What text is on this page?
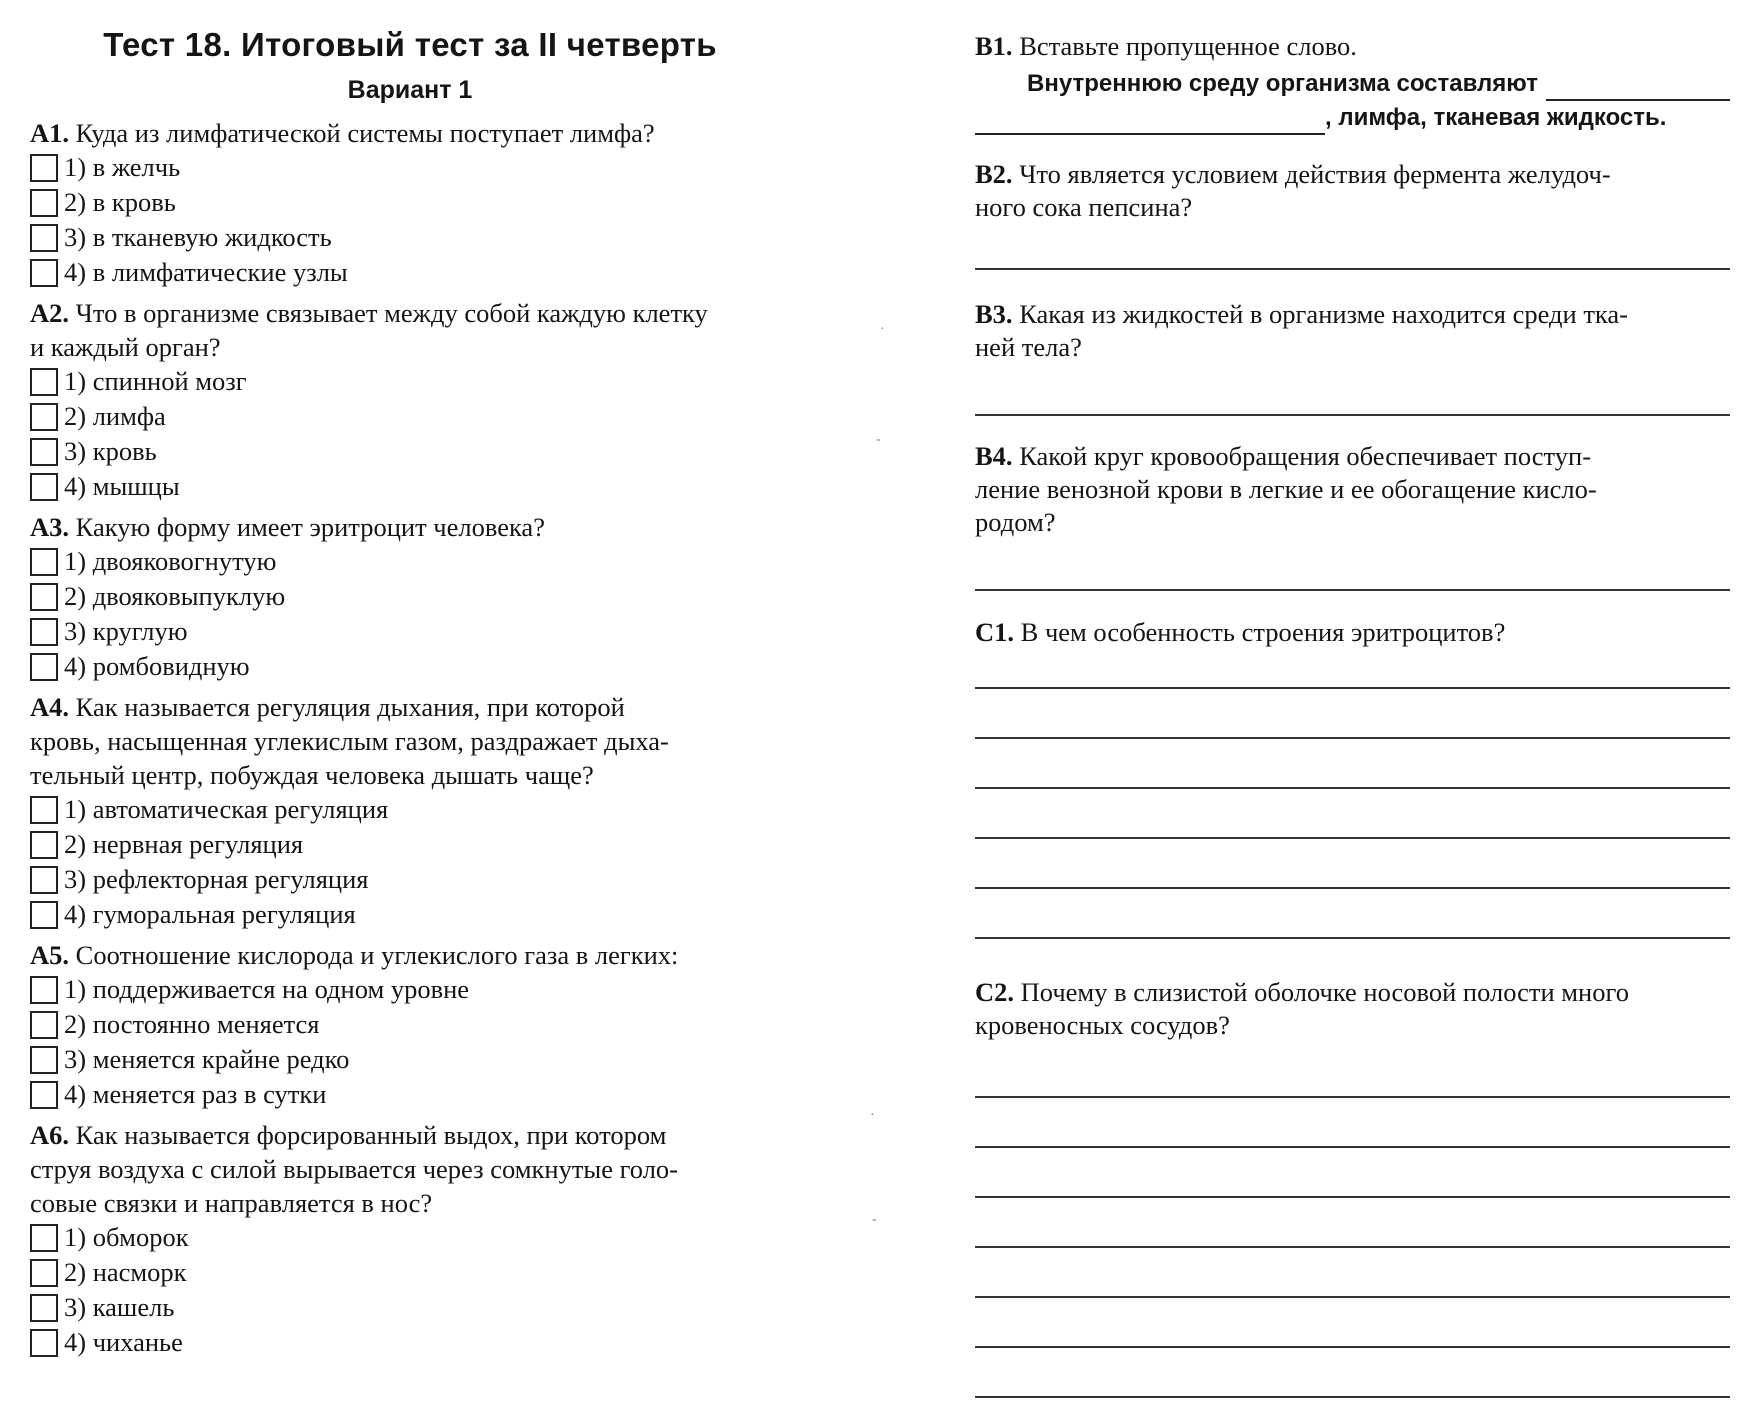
Тест 18. Итоговый тест за II четверть
Вариант 1
А1. Куда из лимфатической системы поступает лимфа?
1) в желчь
2) в кровь
3) в тканевую жидкость
4) в лимфатические узлы
А2. Что в организме связывает между собой каждую клетку
и каждый орган?
1) спинной мозг
2) лимфа
3) кровь
4) мышцы
А3. Какую форму имеет эритроцит человека?
1) двояковогнутую
2) двояковыпуклую
3) круглую
4) ромбовидную
А4. Как называется регуляция дыхания, при которой
кровь, насыщенная углекислым газом, раздражает дыха-
тельный центр, побуждая человека дышать чаще?
1) автоматическая регуляция
2) нервная регуляция
3) рефлекторная регуляция
4) гуморальная регуляция
А5. Соотношение кислорода и углекислого газа в легких:
1) поддерживается на одном уровне
2) постоянно меняется
3) меняется крайне редко
4) меняется раз в сутки
А6. Как называется форсированный выдох, при котором
струя воздуха с силой вырывается через сомкнутые голо-
совые связки и направляется в нос?
1) обморок
2) насморк
3) кашель
4) чиханье
·
-
·
-
В1. Вставьте пропущенное слово.
Внутреннюю среду организма составляют
, лимфа, тканевая жидкость.
В2. Что является условием действия фермента желудоч-
ного сока пепсина?
В3. Какая из жидкостей в организме находится среди тка-
ней тела?
В4. Какой круг кровообращения обеспечивает поступ-
ление венозной крови в легкие и ее обогащение кисло-
родом?
С1. В чем особенность строения эритроцитов?
С2. Почему в слизистой оболочке носовой полости много
кровеносных сосудов?
